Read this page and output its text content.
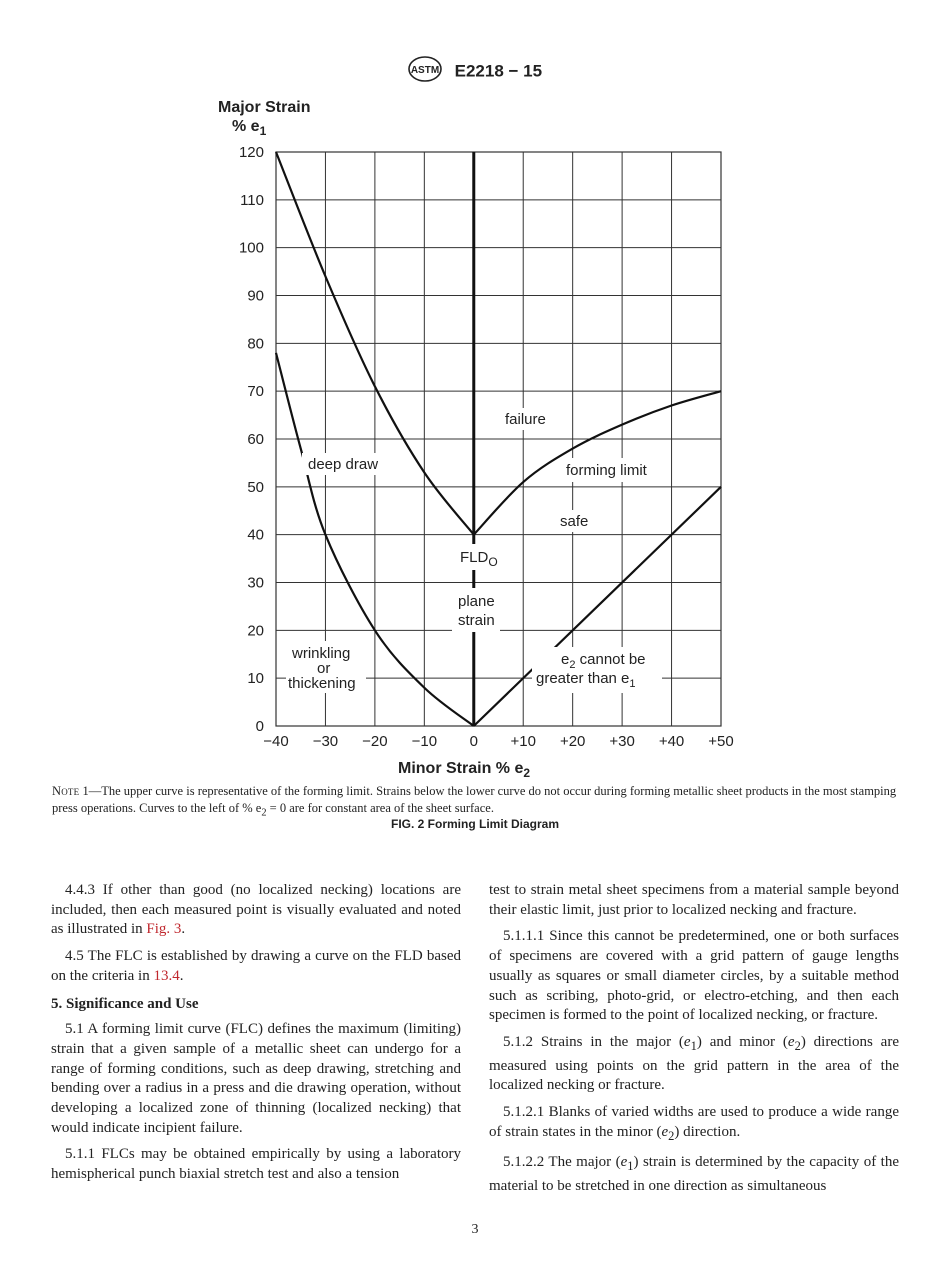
ASTM E2218 − 15
−40 −30 −20 −10 0 +10 +20 +30 +40 +50
0
10
20
30
40
50
60
70
80
90
100
110
120
Major Strain
% $e_1$
Minor Strain % $e_2$
failure
deep draw	forming limit
safe
$FLD_O$
plane
strain
wrinkling
or
thickening
$e_2$ cannot be
greater than $e_1$
Note 1—The upper curve is representative of the forming limit. Strains below the lower curve do not occur during forming metallic sheet products in the most stamping press operations. Curves to the left of % $e_2 = 0$ are for constant area of the sheet surface.
FIG. 2 Forming Limit Diagram

4.4.3 If other than good (no localized necking) locations are included, then each measured point is visually evaluated and noted as illustrated in Fig. 3.

4.5 The FLC is established by drawing a curve on the FLD based on the criteria in 13.4.

5. Significance and Use

5.1 A forming limit curve (FLC) defines the maximum (limiting) strain that a given sample of a metallic sheet can undergo for a range of forming conditions, such as deep drawing, stretching and bending over a radius in a press and die drawing operation, without developing a localized zone of thinning (localized necking) that would indicate incipient failure.

5.1.1 FLCs may be obtained empirically by using a laboratory hemispherical punch biaxial stretch test and also a tension

test to strain metal sheet specimens from a material sample beyond their elastic limit, just prior to localized necking and fracture.

5.1.1.1 Since this cannot be predetermined, one or both surfaces of specimens are covered with a grid pattern of gauge lengths usually as squares or small diameter circles, by a suitable method such as scribing, photo-grid, or electro-etching, and then each specimen is formed to the point of localized necking, or fracture.

5.1.2 Strains in the major $(e_1)$ and minor $(e_2)$ directions are measured using points on the grid pattern in the area of the localized necking or fracture.

5.1.2.1 Blanks of varied widths are used to produce a wide range of strain states in the minor $(e_2)$ direction.

5.1.2.2 The major $(e_1)$ strain is determined by the capacity of the material to be stretched in one direction as simultaneous

3
